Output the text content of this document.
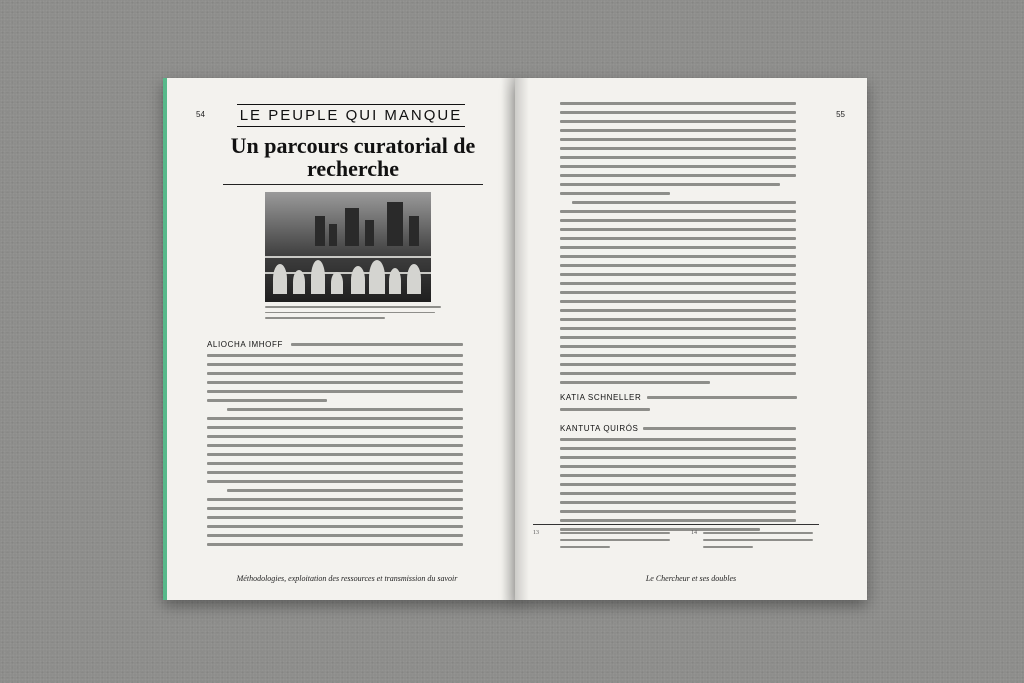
54 LE PEUPLE QUI MANQUE
Un parcours curatorial de recherche
ALIOCHA IMHOFF
Méthodologies, exploitation des ressources et transmission du savoir
55
KATIA SCHNELLER
KANTUTA QUIRÓS
13	14
Le Chercheur et ses doubles
